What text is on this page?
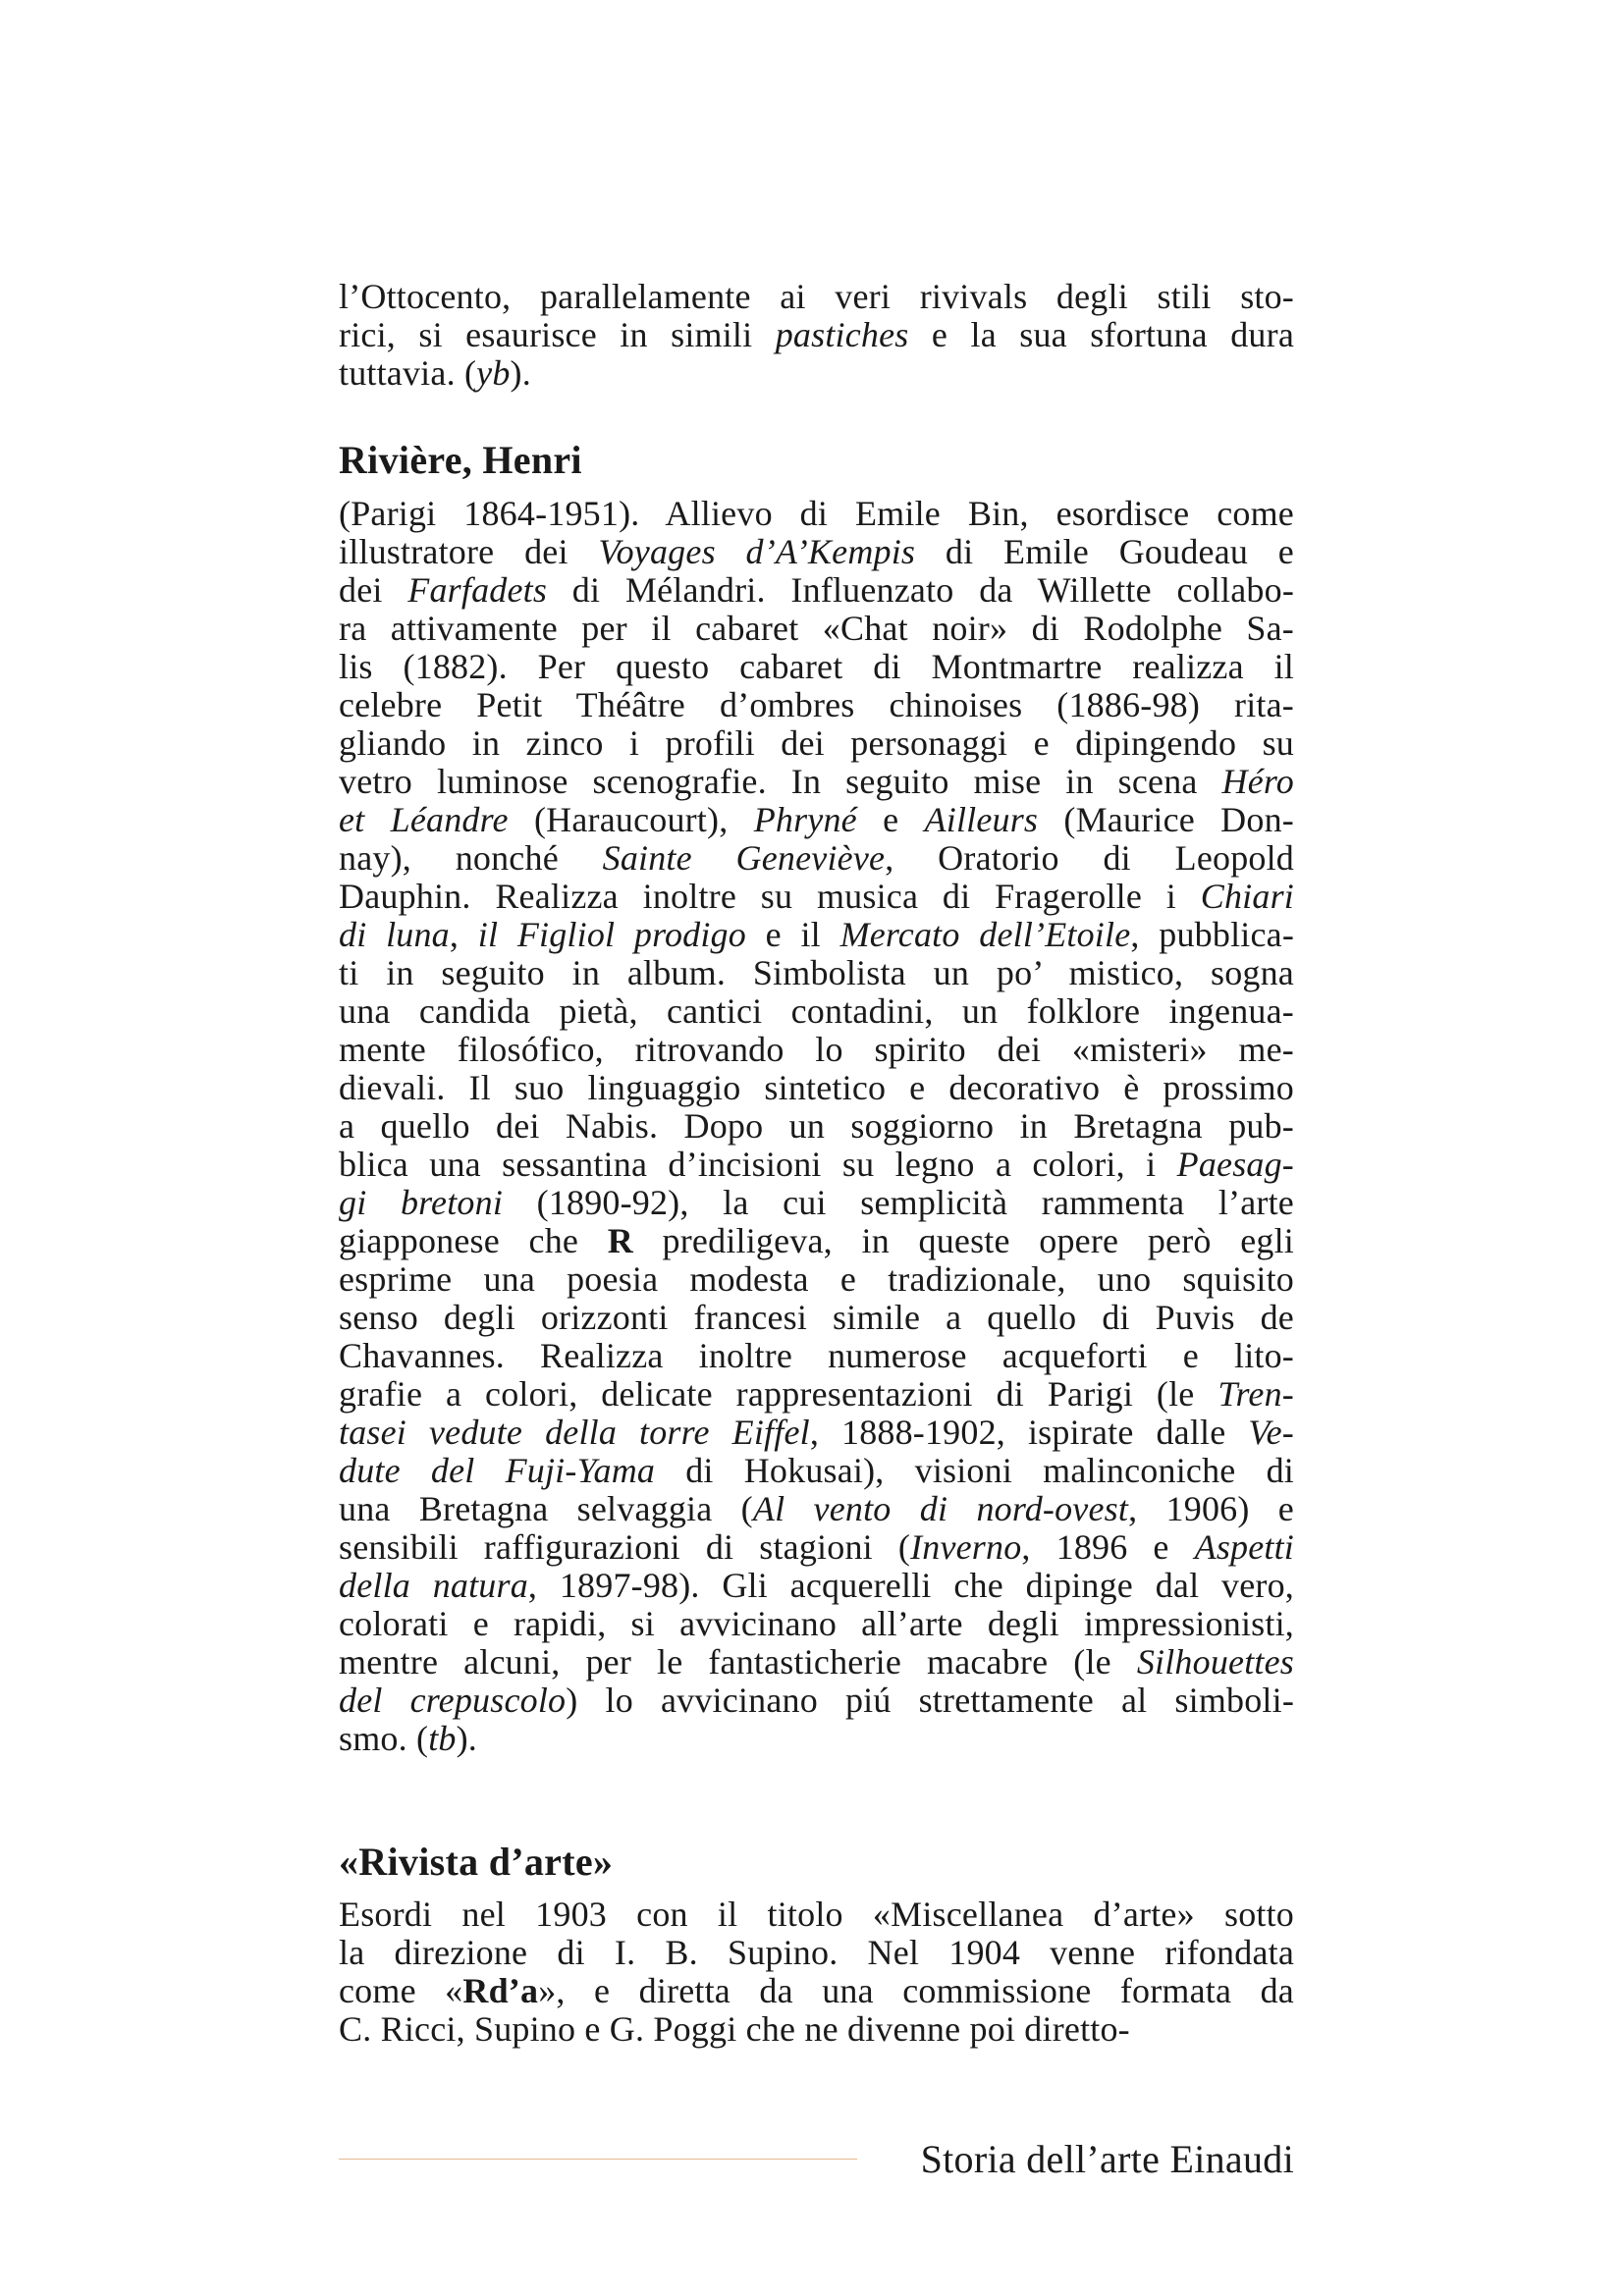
l’Ottocento, parallelamente ai veri rivivals degli stili sto-
rici, si esaurisce in simili pastiches e la sua sfortuna dura
tuttavia. (yb).
Rivière, Henri
(Parigi 1864-1951). Allievo di Emile Bin, esordisce come
illustratore dei Voyages d’A’Kempis di Emile Goudeau e
dei Farfadets di Mélandri. Influenzato da Willette collabo-
ra attivamente per il cabaret «Chat noir» di Rodolphe Sa-
lis (1882). Per questo cabaret di Montmartre realizza il
celebre Petit Théâtre d’ombres chinoises (1886-98) rita-
gliando in zinco i profili dei personaggi e dipingendo su
vetro luminose scenografie. In seguito mise in scena Héro
et Léandre (Haraucourt), Phryné e Ailleurs (Maurice Don-
nay), nonché Sainte Geneviève, Oratorio di Leopold
Dauphin. Realizza inoltre su musica di Fragerolle i Chiari
di luna, il Figliol prodigo e il Mercato dell’Etoile, pubblica-
ti in seguito in album. Simbolista un po’ mistico, sogna
una candida pietà, cantici contadini, un folklore ingenua-
mente filosófico, ritrovando lo spirito dei «misteri» me-
dievali. Il suo linguaggio sintetico e decorativo è prossimo
a quello dei Nabis. Dopo un soggiorno in Bretagna pub-
blica una sessantina d’incisioni su legno a colori, i Paesag-
gi bretoni (1890-92), la cui semplicità rammenta l’arte
giapponese che R prediligeva, in queste opere però egli
esprime una poesia modesta e tradizionale, uno squisito
senso degli orizzonti francesi simile a quello di Puvis de
Chavannes. Realizza inoltre numerose acqueforti e lito-
grafie a colori, delicate rappresentazioni di Parigi (le Tren-
tasei vedute della torre Eiffel, 1888-1902, ispirate dalle Ve-
dute del Fuji-Yama di Hokusai), visioni malinconiche di
una Bretagna selvaggia (Al vento di nord-ovest, 1906) e
sensibili raffigurazioni di stagioni (Inverno, 1896 e Aspetti
della natura, 1897-98). Gli acquerelli che dipinge dal vero,
colorati e rapidi, si avvicinano all’arte degli impressionisti,
mentre alcuni, per le fantasticherie macabre (le Silhouettes
del crepuscolo) lo avvicinano piú strettamente al simboli-
smo. (tb).
«Rivista d’arte»
Esordi nel 1903 con il titolo «Miscellanea d’arte» sotto
la direzione di I. B. Supino. Nel 1904 venne rifondata
come «Rd’a», e diretta da una commissione formata da
C. Ricci, Supino e G. Poggi che ne divenne poi diretto-
Storia dell’arte Einaudi
